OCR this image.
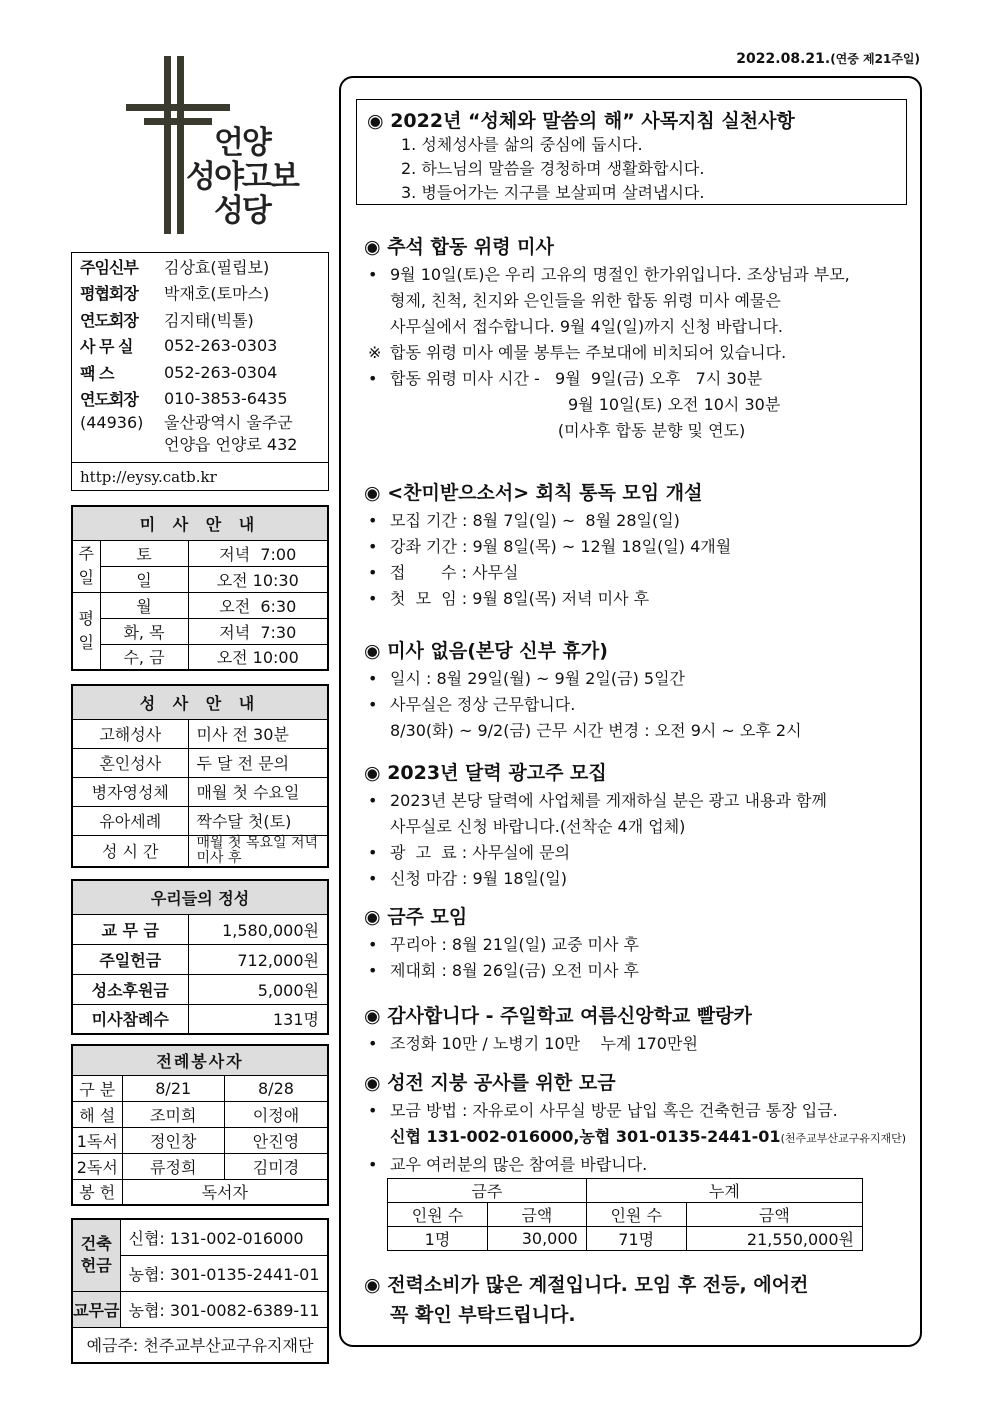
2022.08.21.(연중 제21주일)
언양
성야고보
성당
주임신부	김상효(필립보)
평협회장	박재호(토마스)
연도회장	김지태(빅톨)
사 무 실	052-263-0303
팩 스	052-263-0304
연도회장	010-3853-6435
(44936)	울산광역시 울주군
언양읍 언양로 432
http://eysy.catb.kr
미 사 안 내		
주
일	토	저녁  7:00
	일	오전 10:30
평
일	월	오전  6:30
	화, 목	저녁  7:30
	수, 금	오전 10:00
성 사 안 내	
고해성사	미사 전 30분
혼인성사	두 달 전 문의
병자영성체	매월 첫 수요일
유아세례	짝수달 첫(토)
성 시 간	매월 첫 목요일 저녁미사 후
우리들의 정성	
교 무 금	1,580,000원
주일헌금	712,000원
성소후원금	5,000원
미사참례수	131명
전례봉사자		
구 분	8/21	8/28
해 설	조미희	이정애
1독서	정인창	안진영
2독서	류정희	김미경
봉 헌	독서자	
건축
헌금	신협: 131-002-016000
	농협: 301-0135-2441-01
교무금	농협: 301-0082-6389-11
예금주: 천주교부산교구유지재단	
◉ 2022년 “성체와 말씀의 해” 사목지침 실천사항
1. 성체성사를 삶의 중심에 둡시다.
2. 하느님의 말씀을 경청하며 생활화합시다.
3. 병들어가는 지구를 보살피며 살려냅시다.
◉ 추석 합동 위령 미사
• 9월 10일(토)은 우리 고유의 명절인 한가위입니다. 조상님과 부모,
형제, 친척, 친지와 은인들을 위한 합동 위령 미사 예물은
사무실에서 접수합니다. 9월 4일(일)까지 신청 바랍니다.
※ 합동 위령 미사 예물 봉투는 주보대에 비치되어 있습니다.
• 합동 위령 미사 시간 -   9월  9일(금) 오후   7시 30분
9월 10일(토) 오전 10시 30분
(미사후 합동 분향 및 연도)
◉ <찬미받으소서> 회칙 통독 모임 개설
• 모집 기간 : 8월 7일(일) ~  8월 28일(일)
• 강좌 기간 : 9월 8일(목) ~ 12월 18일(일) 4개월
• 접       수 : 사무실
• 첫  모  임 : 9월 8일(목) 저녁 미사 후
◉ 미사 없음(본당 신부 휴가)
• 일시 : 8월 29일(월) ~ 9월 2일(금) 5일간
• 사무실은 정상 근무합니다.
8/30(화) ~ 9/2(금) 근무 시간 변경 : 오전 9시 ~ 오후 2시
◉ 2023년 달력 광고주 모집
• 2023년 본당 달력에 사업체를 게재하실 분은 광고 내용과 함께
사무실로 신청 바랍니다.(선착순 4개 업체)
• 광  고  료 : 사무실에 문의
• 신청 마감 : 9월 18일(일)
◉ 금주 모임
• 꾸리아 : 8월 21일(일) 교중 미사 후
• 제대회 : 8월 26일(금) 오전 미사 후
◉ 감사합니다 - 주일학교 여름신앙학교 빨랑카
• 조정화 10만 / 노병기 10만    누계 170만원
◉ 성전 지붕 공사를 위한 모금
• 모금 방법 : 자유로이 사무실 방문 납입 혹은 건축헌금 통장 입금.
신협 131-002-016000,농협 301-0135-2441-01(천주교부산교구유지재단)
• 교우 여러분의 많은 참여를 바랍니다.
금주		누계	
인원 수	금액	인원 수	금액
1명	30,000	71명	21,550,000원
◉ 전력소비가 많은 계절입니다. 모임 후 전등, 에어컨
꼭 확인 부탁드립니다.
